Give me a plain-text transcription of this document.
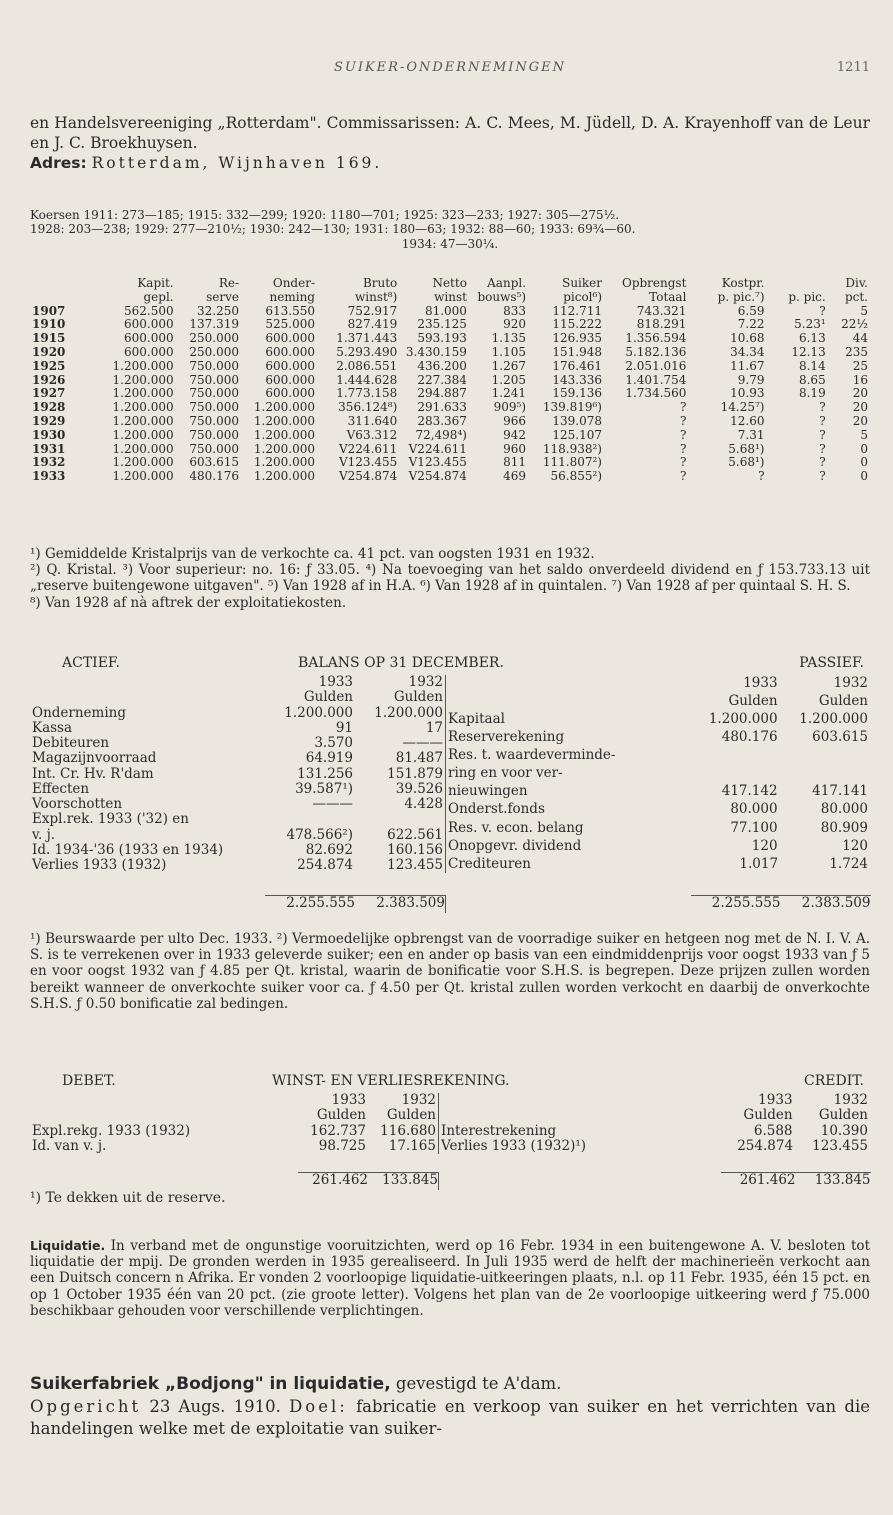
SUIKER-ONDERNEMINGEN	1211

en Handelsvereeniging „Rotterdam". Commissarissen: A. C. Mees, M. Jüdell, D. A. Krayenhoff van de Leur en J. C. Broekhuysen.

Adres: Rotterdam, Wijnhaven 169.

Koersen 1911: 273—185; 1915: 332—299; 1920: 1180—701; 1925: 323—233; 1927: 305—275½.
1928: 203—238; 1929: 277—210½; 1930: 242—130; 1931: 180—63; 1932: 88—60; 1933: 69¾—60.
1934: 47—30¼.
	Kapit.	Re-	Onder-	Bruto	Netto	Aanpl.	Suiker	Opbrengst	Kostpr.		Div.
	gepl.	serve	neming	winst⁸)	winst	bouws⁵)	picol⁶)	Totaal	p. pic.⁷)	p. pic.	pct.
1907	562.500	32.250	613.550	752.917	81.000	833	112.711	743.321	6.59	?	5
1910	600.000	137.319	525.000	827.419	235.125	920	115.222	818.291	7.22	5.23¹	22½
1915	600.000	250.000	600.000	1.371.443	593.193	1.135	126.935	1.356.594	10.68	6.13	44
1920	600.000	250.000	600.000	5.293.490	3.430.159	1.105	151.948	5.182.136	34.34	12.13	235
1925	1.200.000	750.000	600.000	2.086.551	436.200	1.267	176.461	2.051.016	11.67	8.14	25
1926	1.200.000	750.000	600.000	1.444.628	227.384	1.205	143.336	1.401.754	9.79	8.65	16
1927	1.200.000	750.000	600.000	1.773.158	294.887	1.241	159.136	1.734.560	10.93	8.19	20
1928	1.200.000	750.000	1.200.000	356.124⁸)	291.633	909⁵)	139.819⁶)	?	14.25⁷)	?	20
1929	1.200.000	750.000	1.200.000	311.640	283.367	966	139.078	?	12.60	?	20
1930	1.200.000	750.000	1.200.000	V63.312	72,498⁴)	942	125.107	?	7.31	?	5
1931	1.200.000	750.000	1.200.000	V224.611	V224.611	960	118.938²)	?	5.68¹)	?	0
1932	1.200.000	603.615	1.200.000	V123.455	V123.455	811	111.807²)	?	5.68¹)	?	0
1933	1.200.000	480.176	1.200.000	V254.874	V254.874	469	56.855²)	?	?	?	0

¹) Gemiddelde Kristalprijs van de verkochte ca. 41 pct. van oogsten 1931 en 1932.

²) Q. Kristal. ³) Voor superieur: no. 16: ƒ 33.05. ⁴) Na toevoeging van het saldo onverdeeld dividend en ƒ 153.733.13 uit „reserve buitengewone uitgaven". ⁵) Van 1928 af in H.A. ⁶) Van 1928 af in quintalen. ⁷) Van 1928 af per quintaal S. H. S.

⁸) Van 1928 af nà aftrek der exploitatiekosten.

ACTIEF.	BALANS OP 31 DECEMBER.	PASSIEF.
	1933	1932
	Gulden	Gulden
Onderneming	1.200.000	1.200.000
Kassa	91	17
Debiteuren	3.570	———
Magazijnvoorraad	64.919	81.487
Int. Cr. Hv. R'dam	131.256	151.879
Effecten	39.587¹)	39.526
Voorschotten	———	4.428
Expl.rek. 1933 ('32) en		
v. j.	478.566²)	622.561
Id. 1934-'36 (1933 en 1934)	82.692	160.156
Verlies 1933 (1932)	254.874	123.455
	1933	1932
	Gulden	Gulden
Kapitaal	1.200.000	1.200.000
Reserverekening	480.176	603.615
Res. t. waardeverminde-		
ring en voor ver-		
nieuwingen	417.142	417.141
Onderst.fonds	80.000	80.000
Res. v. econ. belang	77.100	80.909
Onopgevr. dividend	120	120
Crediteuren	1.017	1.724
2.255.555	2.383.509	2.255.555	2.383.509

¹) Beurswaarde per ulto Dec. 1933. ²) Vermoedelijke opbrengst van de voorradige suiker en hetgeen nog met de N. I. V. A. S. is te verrekenen over in 1933 geleverde suiker; een en ander op basis van een eindmiddenprijs voor oogst 1933 van ƒ 5 en voor oogst 1932 van ƒ 4.85 per Qt. kristal, waarin de bonificatie voor S.H.S. is begrepen. Deze prijzen zullen worden bereikt wanneer de onverkochte suiker voor ca. ƒ 4.50 per Qt. kristal zullen worden verkocht en daarbij de onverkochte S.H.S. ƒ 0.50 bonificatie zal bedingen.

DEBET.	WINST- EN VERLIESREKENING.	CREDIT.
	1933	1932
	Gulden	Gulden
Expl.rekg. 1933 (1932)	162.737	116.680
Id. van v. j.	98.725	17.165
	1933	1932
	Gulden	Gulden
Interestrekening	6.588	10.390
Verlies 1933 (1932)¹)	254.874	123.455
261.462	133.845	261.462	133.845
¹) Te dekken uit de reserve.

Liquidatie. In verband met de ongunstige vooruitzichten, werd op 16 Febr. 1934 in een buitengewone A. V. besloten tot liquidatie der mpij. De gronden werden in 1935 gerealiseerd. In Juli 1935 werd de helft der machinerieën verkocht aan een Duitsch concern n Afrika. Er vonden 2 voorloopige liquidatie-uitkeeringen plaats, n.l. op 11 Febr. 1935, één 15 pct. en op 1 October 1935 één van 20 pct. (zie groote letter). Volgens het plan van de 2e voorloopige uitkeering werd ƒ 75.000 beschikbaar gehouden voor verschillende verplichtingen.

Suikerfabriek „Bodjong" in liquidatie, gevestigd te A'dam.

Opgericht 23 Augs. 1910. Doel: fabricatie en verkoop van suiker en het verrichten van die handelingen welke met de exploitatie van suiker-
